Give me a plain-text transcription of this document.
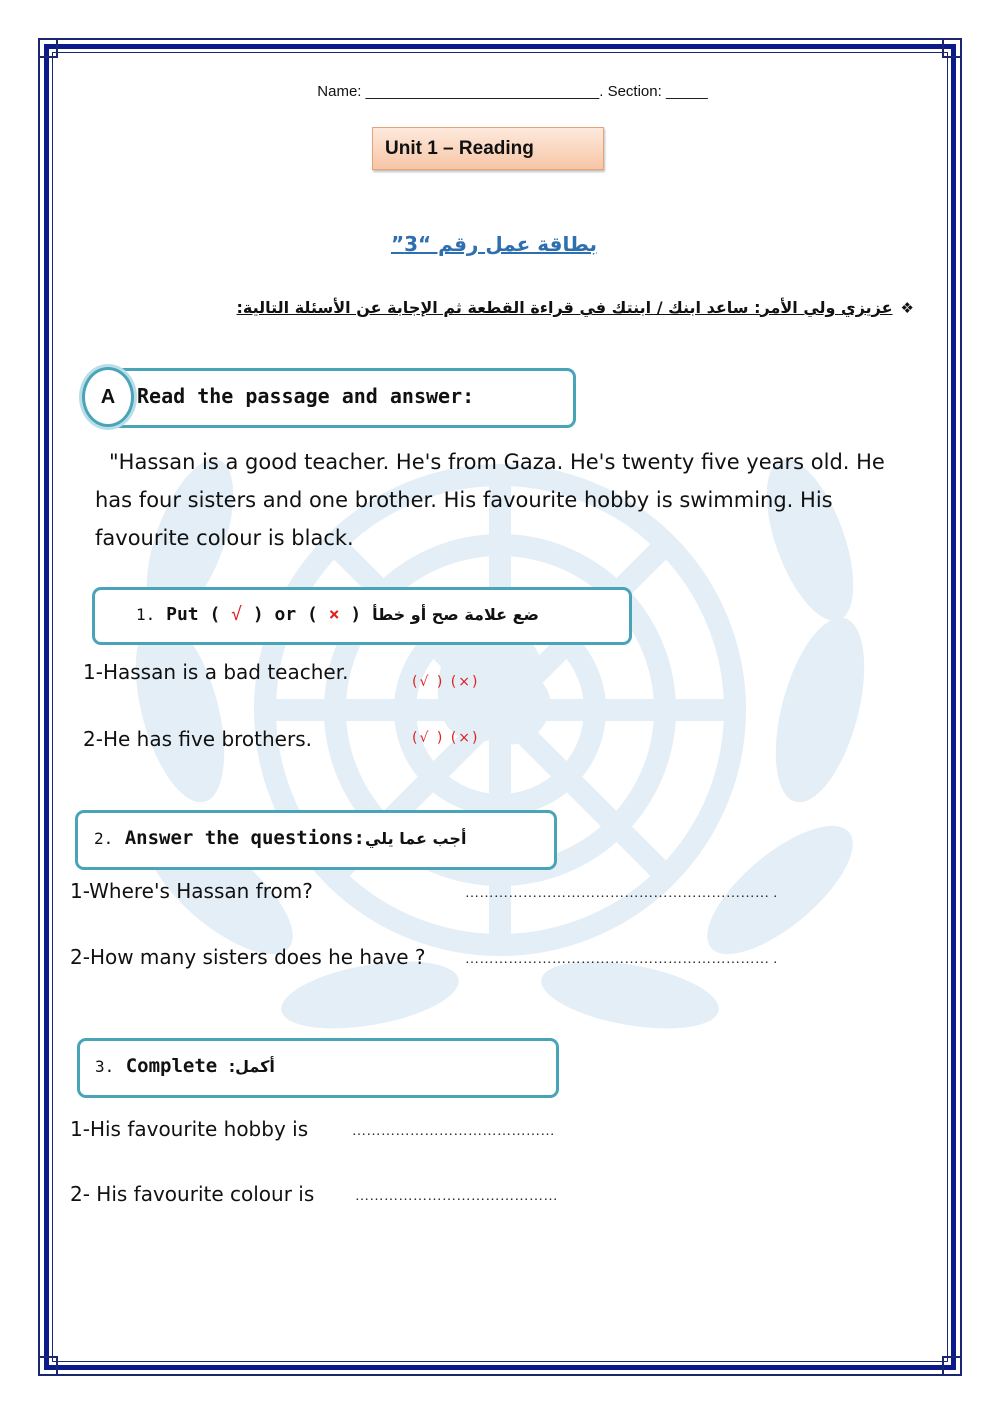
Name: ____________________________. Section: _____
Unit 1 – Reading
بطاقة عمل رقم “3”
❖عزيزي ولي الأمر: ساعد ابنك / ابنتك في قراءة القطعة ثم الإجابة عن الأسئلة التالية:
A	Read the passage and answer:
"Hassan is a good teacher. He's from Gaza. He's twenty five years old. He
has four sisters and one brother. His favourite hobby is swimming. His
favourite colour is black.
1. Put ( √ ) or ( × ) ضع علامة صح أو خطأ
1-Hassan is a bad teacher.	(√ ) (×)
2-He has five brothers.	(√ ) (×)
2. Answer the questions:أجب عما يلي
1-Where's Hassan from?	……………………………………………………… .
2-How many sisters does he have ?	……………………………………………………… .
3. Complete أكمل:
1-His favourite hobby is	……………………………………
2- His favourite colour is	……………………………………
